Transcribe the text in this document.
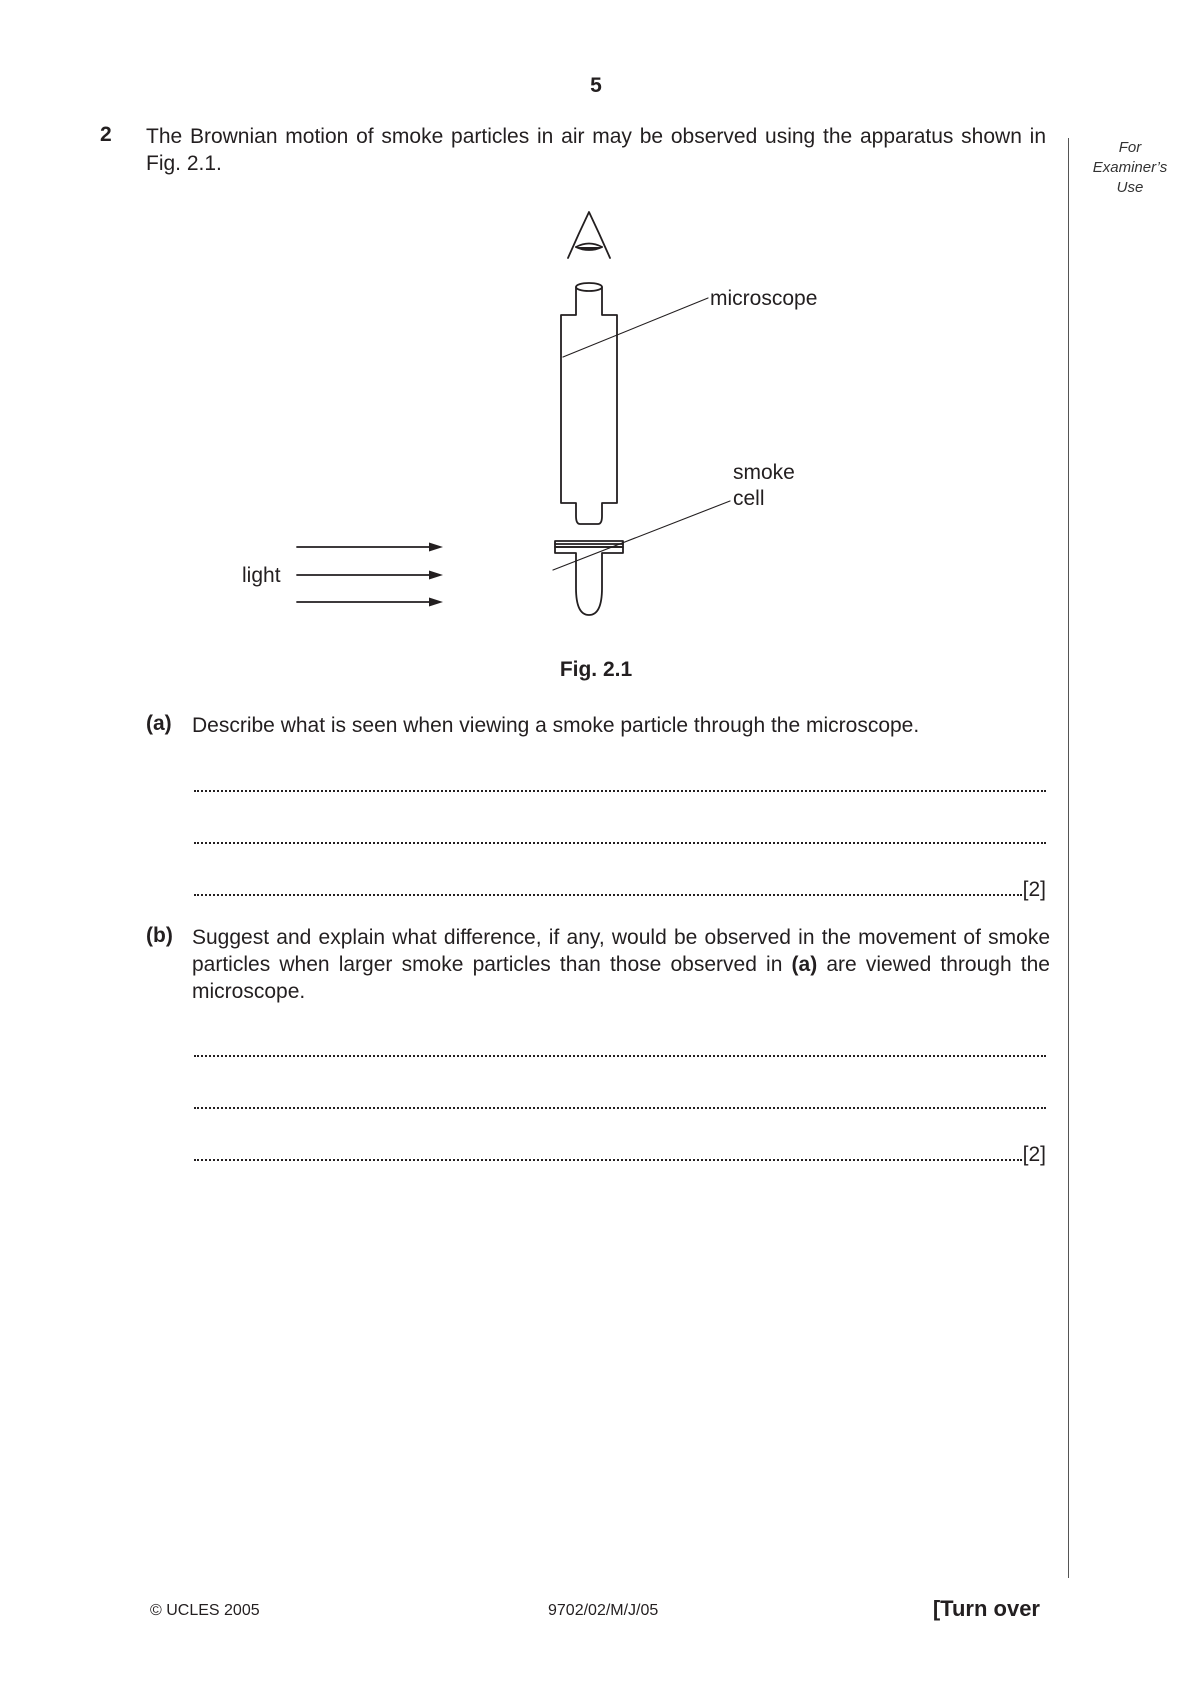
5
For
Examiner’s
Use
2 The Brownian motion of smoke particles in air may be observed using the apparatus shown in Fig. 2.1.
microscope
smoke
cell
light
Fig. 2.1
(a) Describe what is seen when viewing a smoke particle through the microscope.
[2]
(b) Suggest and explain what difference, if any, would be observed in the movement of smoke particles when larger smoke particles than those observed in (a) are viewed through the microscope.
[2]
© UCLES 2005	9702/02/M/J/05	[Turn over
